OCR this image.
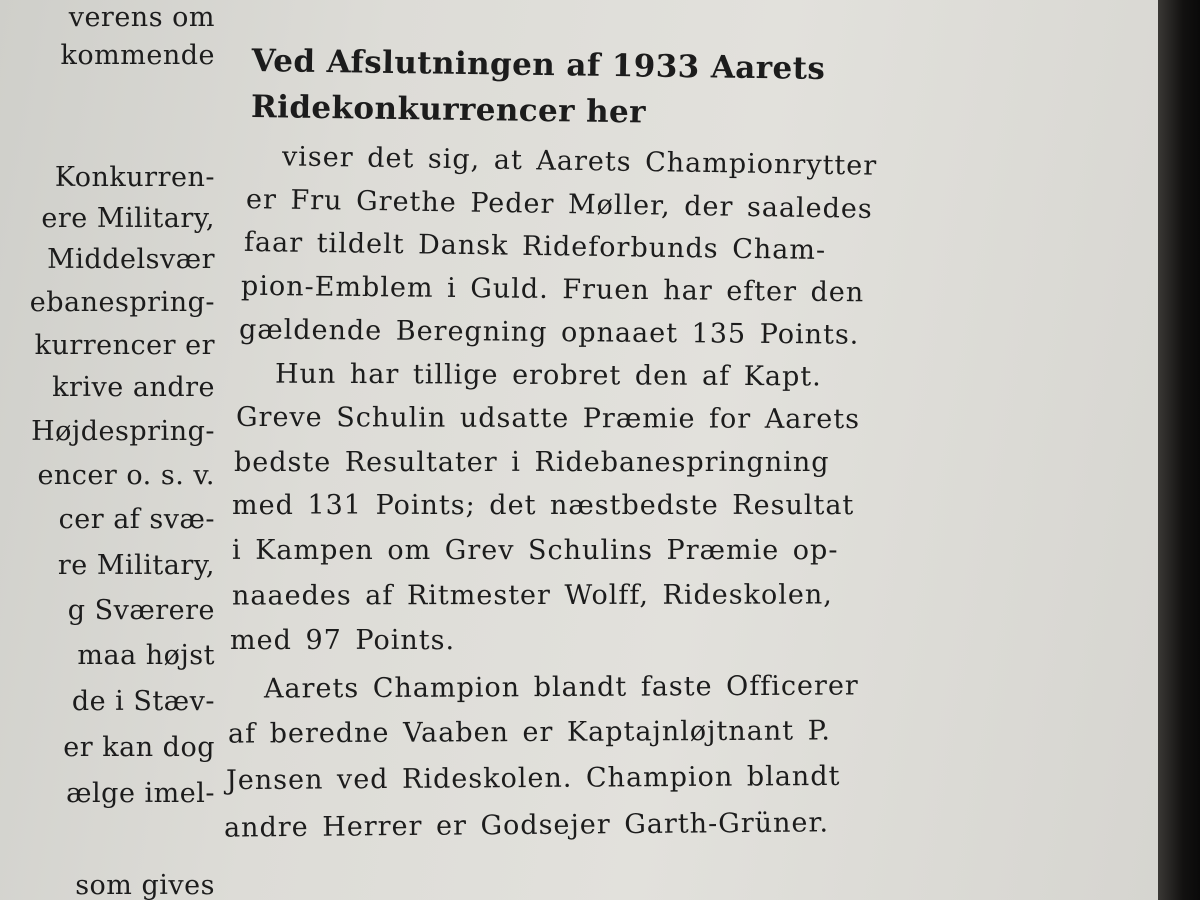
verens om
kommende
Konkurren-
ere Military,
Middelsvær
ebanespring-
kurrencer er
krive andre
Højdespring-
encer o. s. v.
cer af svæ-
re Military,
g Sværere
maa højst
de i Stæv-
er kan dog
ælge imel-
som gives
Ved Afslutningen af 1933 Aarets
Ridekonkurrencer her
viser det sig, at Aarets Championrytter
er Fru Grethe Peder Møller, der saaledes
faar tildelt Dansk Rideforbunds Cham-
pion-Emblem i Guld. Fruen har efter den
gældende Beregning opnaaet 135 Points.
Hun har tillige erobret den af Kapt.
Greve Schulin udsatte Præmie for Aarets
bedste Resultater i Ridebanespringning
med 131 Points; det næstbedste Resultat
i Kampen om Grev Schulins Præmie op-
naaedes af Ritmester Wolff, Rideskolen,
med 97 Points.
Aarets Champion blandt faste Officerer
af beredne Vaaben er Kaptajnløjtnant P.
Jensen ved Rideskolen. Champion blandt
andre Herrer er Godsejer Garth-Grüner.
